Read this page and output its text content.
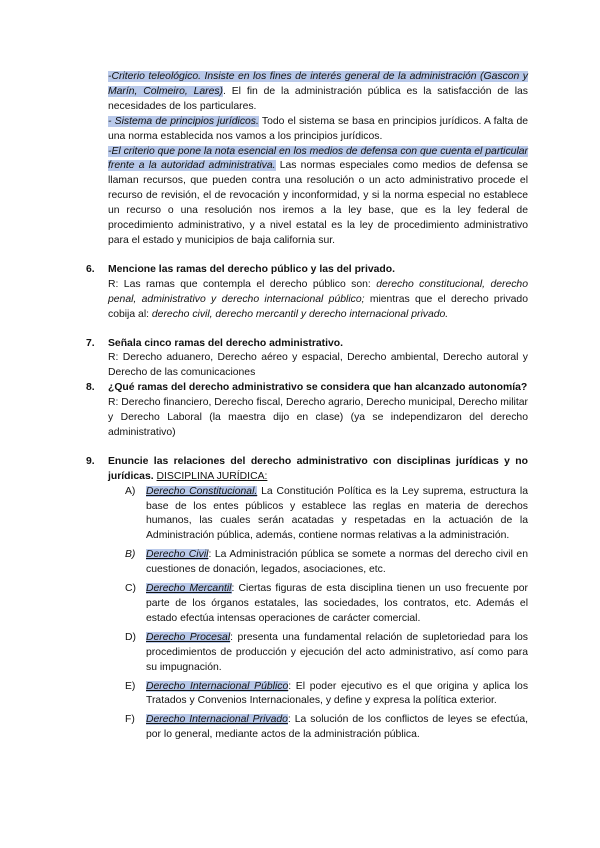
-Criterio teleológico. Insiste en los fines de interés general de la administración (Gascon y Marín, Colmeiro, Lares). El fin de la administración pública es la satisfacción de las necesidades de los particulares.

- Sistema de principios jurídicos. Todo el sistema se basa en principios jurídicos. A falta de una norma establecida nos vamos a los principios jurídicos.

-El criterio que pone la nota esencial en los medios de defensa con que cuenta el particular frente a la autoridad administrativa. Las normas especiales como medios de defensa se llaman recursos, que pueden contra una resolución o un acto administrativo procede el recurso de revisión, el de revocación y inconformidad, y si la norma especial no establece un recurso o una resolución nos iremos a la ley base, que es la ley federal de procedimiento administrativo, y a nivel estatal es la ley de procedimiento administrativo para el estado y municipios de baja california sur.

6. Mencione las ramas del derecho público y las del privado.

R: Las ramas que contempla el derecho público son: derecho constitucional, derecho penal, administrativo y derecho internacional público; mientras que el derecho privado cobija al: derecho civil, derecho mercantil y derecho internacional privado.

7. Señala cinco ramas del derecho administrativo.

R: Derecho aduanero, Derecho aéreo y espacial, Derecho ambiental, Derecho autoral y Derecho de las comunicaciones

8. ¿Qué ramas del derecho administrativo se considera que han alcanzado autonomía?

R: Derecho financiero, Derecho fiscal, Derecho agrario, Derecho municipal, Derecho militar y Derecho Laboral (la maestra dijo en clase) (ya se independizaron del derecho administrativo)

9. Enuncie las relaciones del derecho administrativo con disciplinas jurídicas y no jurídicas. DISCIPLINA JURÍDICA:

A) Derecho Constitucional. La Constitución Política es la Ley suprema, estructura la base de los entes públicos y establece las reglas en materia de derechos humanos, las cuales serán acatadas y respetadas en la actuación de la Administración pública, además, contiene normas relativas a la administración.

B) Derecho Civil: La Administración pública se somete a normas del derecho civil en cuestiones de donación, legados, asociaciones, etc.

C) Derecho Mercantil: Ciertas figuras de esta disciplina tienen un uso frecuente por parte de los órganos estatales, las sociedades, los contratos, etc. Además el estado efectúa intensas operaciones de carácter comercial.

D) Derecho Procesal: presenta una fundamental relación de supletoriedad para los procedimientos de producción y ejecución del acto administrativo, así como para su impugnación.

E) Derecho Internacional Público: El poder ejecutivo es el que origina y aplica los Tratados y Convenios Internacionales, y define y expresa la política exterior.

F) Derecho Internacional Privado: La solución de los conflictos de leyes se efectúa, por lo general, mediante actos de la administración pública.
